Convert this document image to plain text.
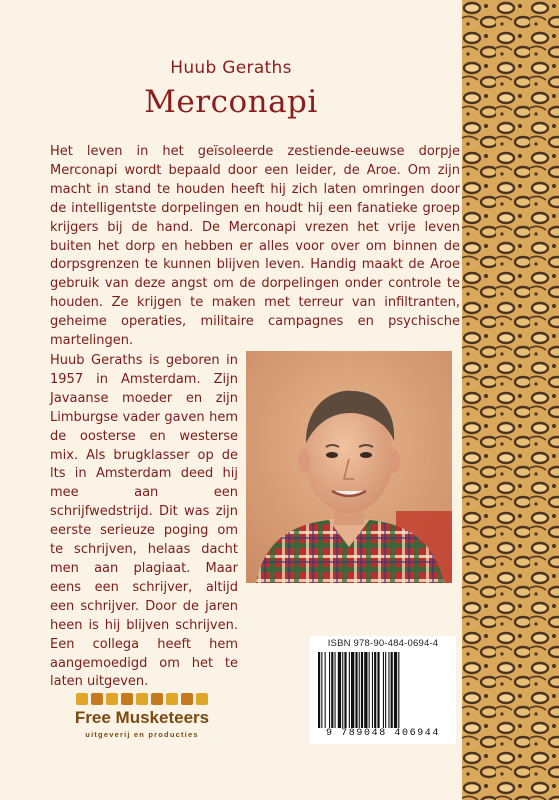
Huub Geraths
Merconapi

Het leven in het geïsoleerde zestiende-eeuwse dorpje Merconapi wordt bepaald door een leider, de Aroe. Om zijn macht in stand te houden heeft hij zich laten omringen door de intelligentste dorpelingen en houdt hij een fanatieke groep krijgers bij de hand. De Merconapi vrezen het vrije leven buiten het dorp en hebben er alles voor over om binnen de dorpsgrenzen te kunnen blijven leven. Handig maakt de Aroe gebruik van deze angst om de dorpelingen onder controle te houden. Ze krijgen te maken met terreur van infiltranten, geheime operaties, militaire campagnes en psychische martelingen.

Huub Geraths is geboren in 1957 in Amsterdam. Zijn Javaanse moeder en zijn Limburgse vader gaven hem de oosterse en westerse mix. Als brugklasser op de lts in Amsterdam deed hij mee aan een schrijfwedstrijd. Dit was zijn eerste serieuze poging om te schrijven, helaas dacht men aan plagiaat. Maar eens een schrijver, altijd een schrijver. Door de jaren heen is hij blijven schrijven. Een collega heeft hem aangemoedigd om het te laten uitgeven.

ISBN 978-90-484-0694-4
9 789048 406944
Free Musketeers
uitgeverij en producties
